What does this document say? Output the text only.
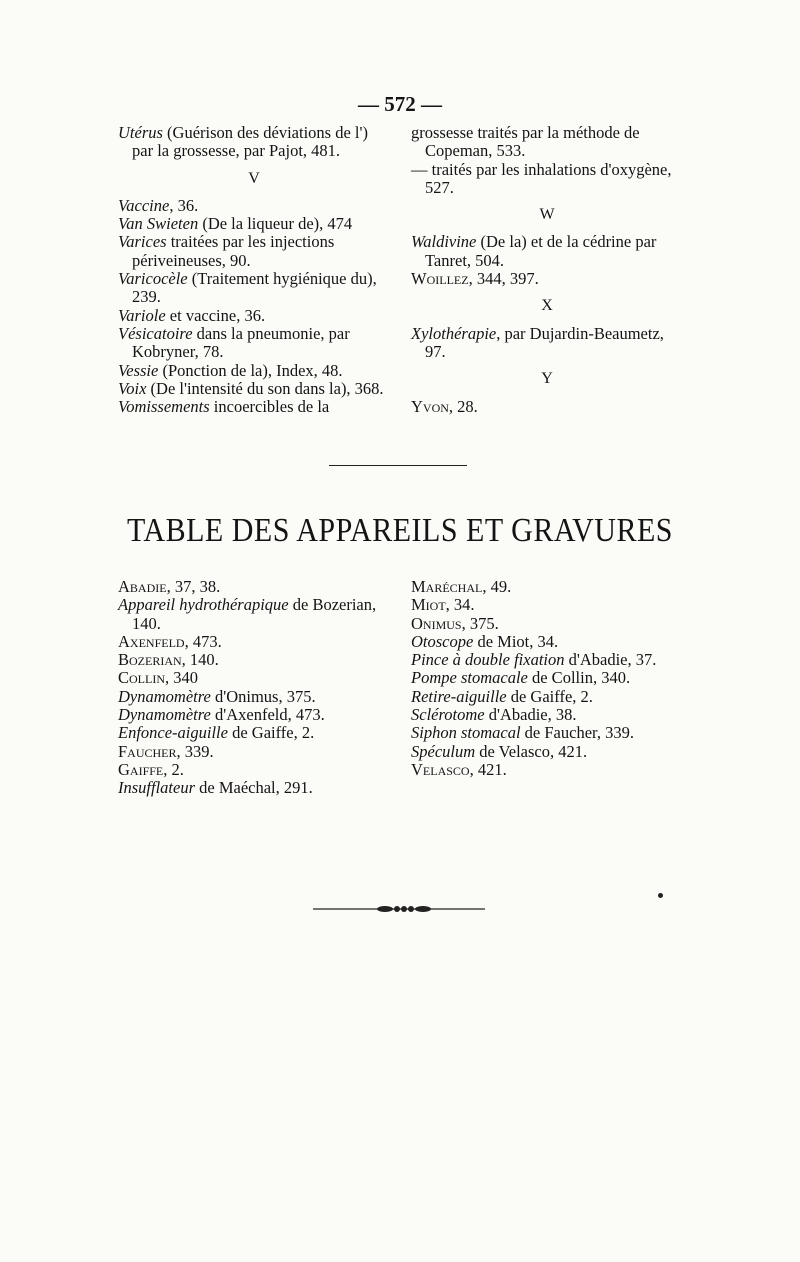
— 572 —
Utérus (Guérison des déviations de l') par la grossesse, par Pajot, 481.
V
Vaccine, 36.
Van Swieten (De la liqueur de), 474
Varices traitées par les injections périveineuses, 90.
Varicocèle (Traitement hygiénique du), 239.
Variole et vaccine, 36.
Vésicatoire dans la pneumonie, par Kobryner, 78.
Vessie (Ponction de la), Index, 48.
Voix (De l'intensité du son dans la), 368.
Vomissements incoercibles de la
grossesse traités par la méthode de Copeman, 533.
— traités par les inhalations d'oxygène, 527.
W
Waldivine (De la) et de la cédrine par Tanret, 504.
Woillez, 344, 397.
X
Xylothérapie, par Dujardin-Beaumetz, 97.
Y
Yvon, 28.
TABLE DES APPAREILS ET GRAVURES
Abadie, 37, 38.
Appareil hydrothérapique de Bozerian, 140.
Axenfeld, 473.
Bozerian, 140.
Collin, 340
Dynamomètre d'Onimus, 375.
Dynamomètre d'Axenfeld, 473.
Enfonce-aiguille de Gaiffe, 2.
Faucher, 339.
Gaiffe, 2.
Insufflateur de Maéchal, 291.
Maréchal, 49.
Miot, 34.
Onimus, 375.
Otoscope de Miot, 34.
Pince à double fixation d'Abadie, 37.
Pompe stomacale de Collin, 340.
Retire-aiguille de Gaiffe, 2.
Sclérotome d'Abadie, 38.
Siphon stomacal de Faucher, 339.
Spéculum de Velasco, 421.
Velasco, 421.
